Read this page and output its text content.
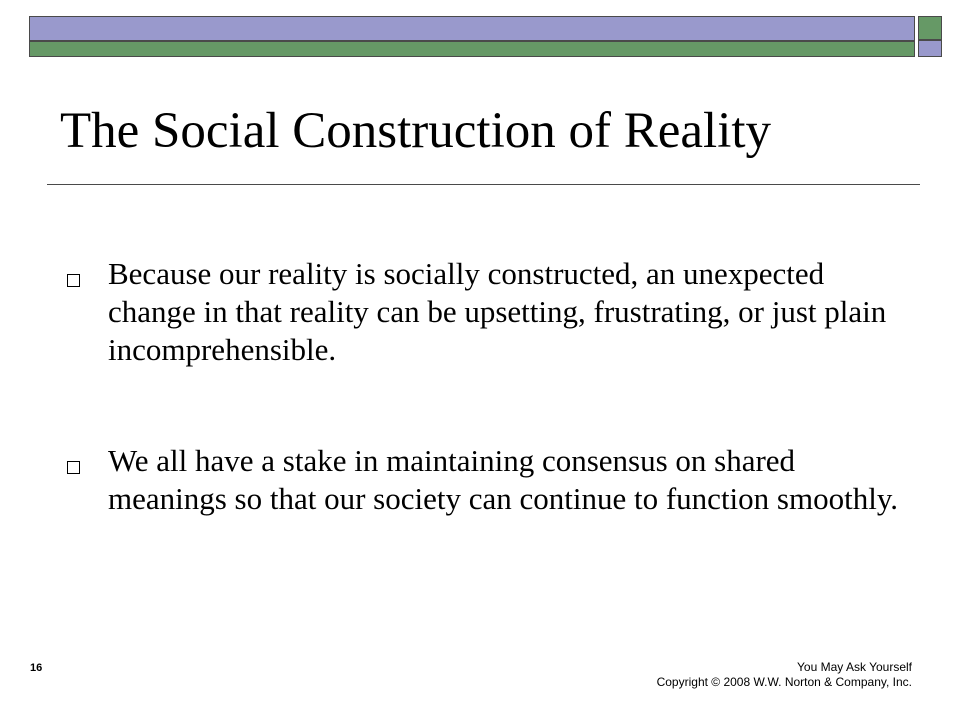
The Social Construction of Reality
Because our reality is socially constructed, an unexpected change in that reality can be upsetting, frustrating, or just plain incomprehensible.
We all have a stake in maintaining consensus on shared meanings so that our society can continue to function smoothly.
16	You May Ask Yourself
Copyright © 2008 W.W. Norton & Company, Inc.
